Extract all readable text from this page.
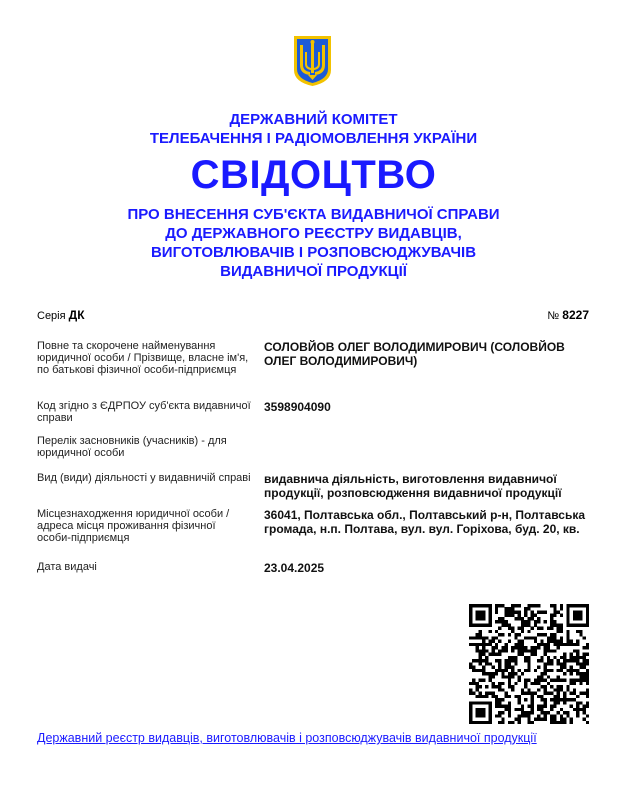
ДЕРЖАВНИЙ КОМІТЕТ
ТЕЛЕБАЧЕННЯ І РАДІОМОВЛЕННЯ УКРАЇНИ
СВІДОЦТВО
ПРО ВНЕСЕННЯ СУБ'ЄКТА ВИДАВНИЧОЇ СПРАВИ
ДО ДЕРЖАВНОГО РЕЄСТРУ ВИДАВЦІВ,
ВИГОТОВЛЮВАЧІВ І РОЗПОВСЮДЖУВАЧІВ
ВИДАВНИЧОЇ ПРОДУКЦІЇ
Серія ДК	№ 8227
Повне та скорочене найменування юридичної особи / Прізвище, власне ім'я, по батькові фізичної особи-підприємця
СОЛОВЙОВ ОЛЕГ ВОЛОДИМИРОВИЧ (СОЛОВЙОВ ОЛЕГ ВОЛОДИМИРОВИЧ)
Код згідно з ЄДРПОУ суб'єкта видавничої справи
3598904090
Перелік засновників (учасників) - для юридичної особи
Вид (види) діяльності у видавничій справі видавнича діяльність, виготовлення видавничої продукції, розповсюдження видавничої продукції
Місцезнаходження юридичної особи / адреса місця проживання фізичної особи-підприємця
36041, Полтавська обл., Полтавський р-н, Полтавська громада, н.п. Полтава, вул. вул. Горіхова, буд. 20, кв.
Дата видачі	23.04.2025
Державний реєстр видавців, виготовлювачів і розповсюджувачів видавничої продукції
